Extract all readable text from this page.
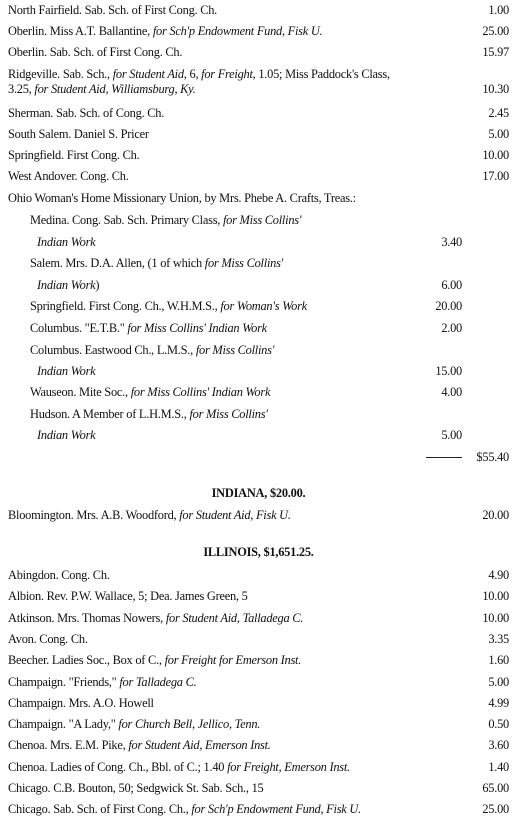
North Fairfield. Sab. Sch. of First Cong. Ch.	1.00
Oberlin. Miss A.T. Ballantine, for Sch'p Endowment Fund, Fisk U.	25.00
Oberlin. Sab. Sch. of First Cong. Ch.	15.97
Ridgeville. Sab. Sch., for Student Aid, 6, for Freight, 1.05; Miss Paddock's Class,
3.25, for Student Aid, Williamsburg, Ky.	10.30
Sherman. Sab. Sch. of Cong. Ch.	2.45
South Salem. Daniel S. Pricer	5.00
Springfield. First Cong. Ch.	10.00
West Andover. Cong. Ch.	17.00
Ohio Woman's Home Missionary Union, by Mrs. Phebe A. Crafts, Treas.:
Medina. Cong. Sab. Sch. Primary Class, for Miss Collins'
Indian Work	3.40
Salem. Mrs. D.A. Allen, (1 of which for Miss Collins'
Indian Work)	6.00
Springfield. First Cong. Ch., W.H.M.S., for Woman's Work	20.00
Columbus. "E.T.B." for Miss Collins' Indian Work	2.00
Columbus. Eastwood Ch., L.M.S., for Miss Collins'
Indian Work	15.00
Wauseon. Mite Soc., for Miss Collins' Indian Work	4.00
Hudson. A Member of L.H.M.S., for Miss Collins'
Indian Work	5.00
$55.40
INDIANA, $20.00.
Bloomington. Mrs. A.B. Woodford, for Student Aid, Fisk U.	20.00
ILLINOIS, $1,651.25.
Abingdon. Cong. Ch.	4.90
Albion. Rev. P.W. Wallace, 5; Dea. James Green, 5	10.00
Atkinson. Mrs. Thomas Nowers, for Student Aid, Talladega C.	10.00
Avon. Cong. Ch.	3.35
Beecher. Ladies Soc., Box of C., for Freight for Emerson Inst.	1.60
Champaign. "Friends," for Talladega C.	5.00
Champaign. Mrs. A.O. Howell	4.99
Champaign. "A Lady," for Church Bell, Jellico, Tenn.	0.50
Chenoa. Mrs. E.M. Pike, for Student Aid, Emerson Inst.	3.60
Chenoa. Ladies of Cong. Ch., Bbl. of C.; 1.40 for Freight, Emerson Inst.	1.40
Chicago. C.B. Bouton, 50; Sedgwick St. Sab. Sch., 15	65.00
Chicago. Sab. Sch. of First Cong. Ch., for Sch'p Endowment Fund, Fisk U.	25.00
